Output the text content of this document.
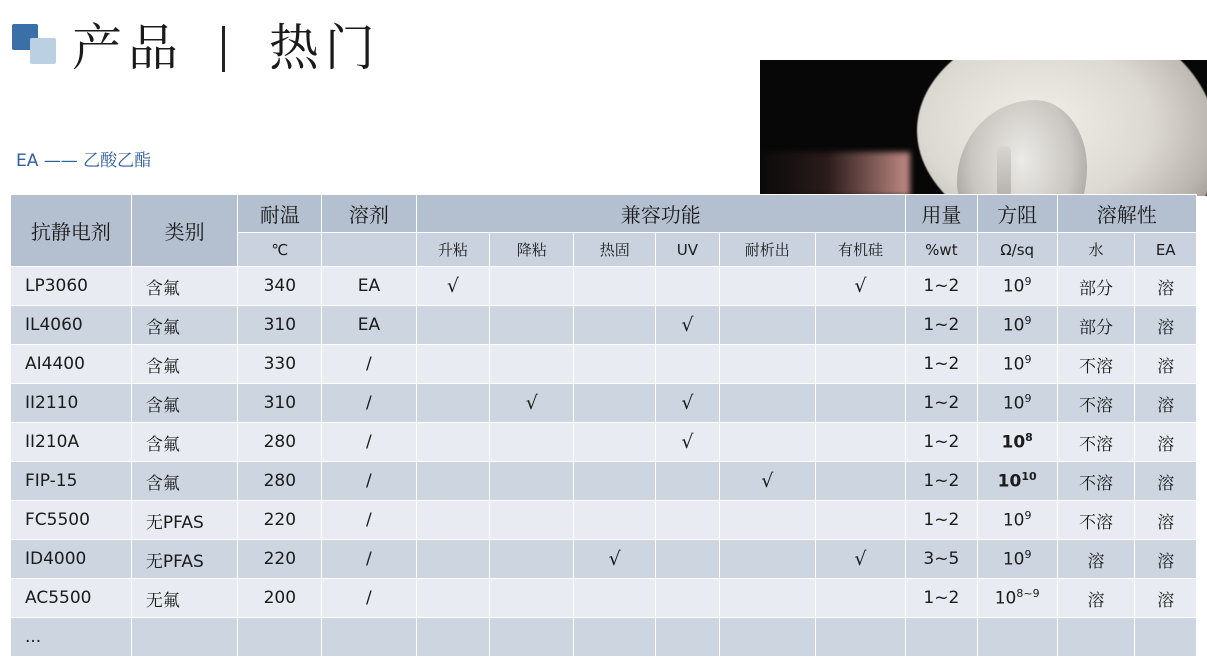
产品 热门
EA —— 乙酸乙酯
抗静电剂	类别	耐温	溶剂	兼容功能						用量	方阻	溶解性	
		℃		升粘	降粘	热固	UV	耐析出	有机硅	%wt	Ω/sq	水	EA
LP3060	含氟	340	EA	√					√	1~2	$10^9$	部分	溶
IL4060	含氟	310	EA				√			1~2	$10^9$	部分	溶
AI4400	含氟	330	/							1~2	$10^9$	不溶	溶
II2110	含氟	310	/		√		√			1~2	$10^9$	不溶	溶
II210A	含氟	280	/				√			1~2	$10^8$	不溶	溶
FIP-15	含氟	280	/					√		1~2	$10^{10}$	不溶	溶
FC5500	无PFAS	220	/							1~2	$10^9$	不溶	溶
ID4000	无PFAS	220	/			√			√	3~5	$10^9$	溶	溶
AC5500	无氟	200	/							1~2	$10^{8\sim 9}$	溶	溶
...													
